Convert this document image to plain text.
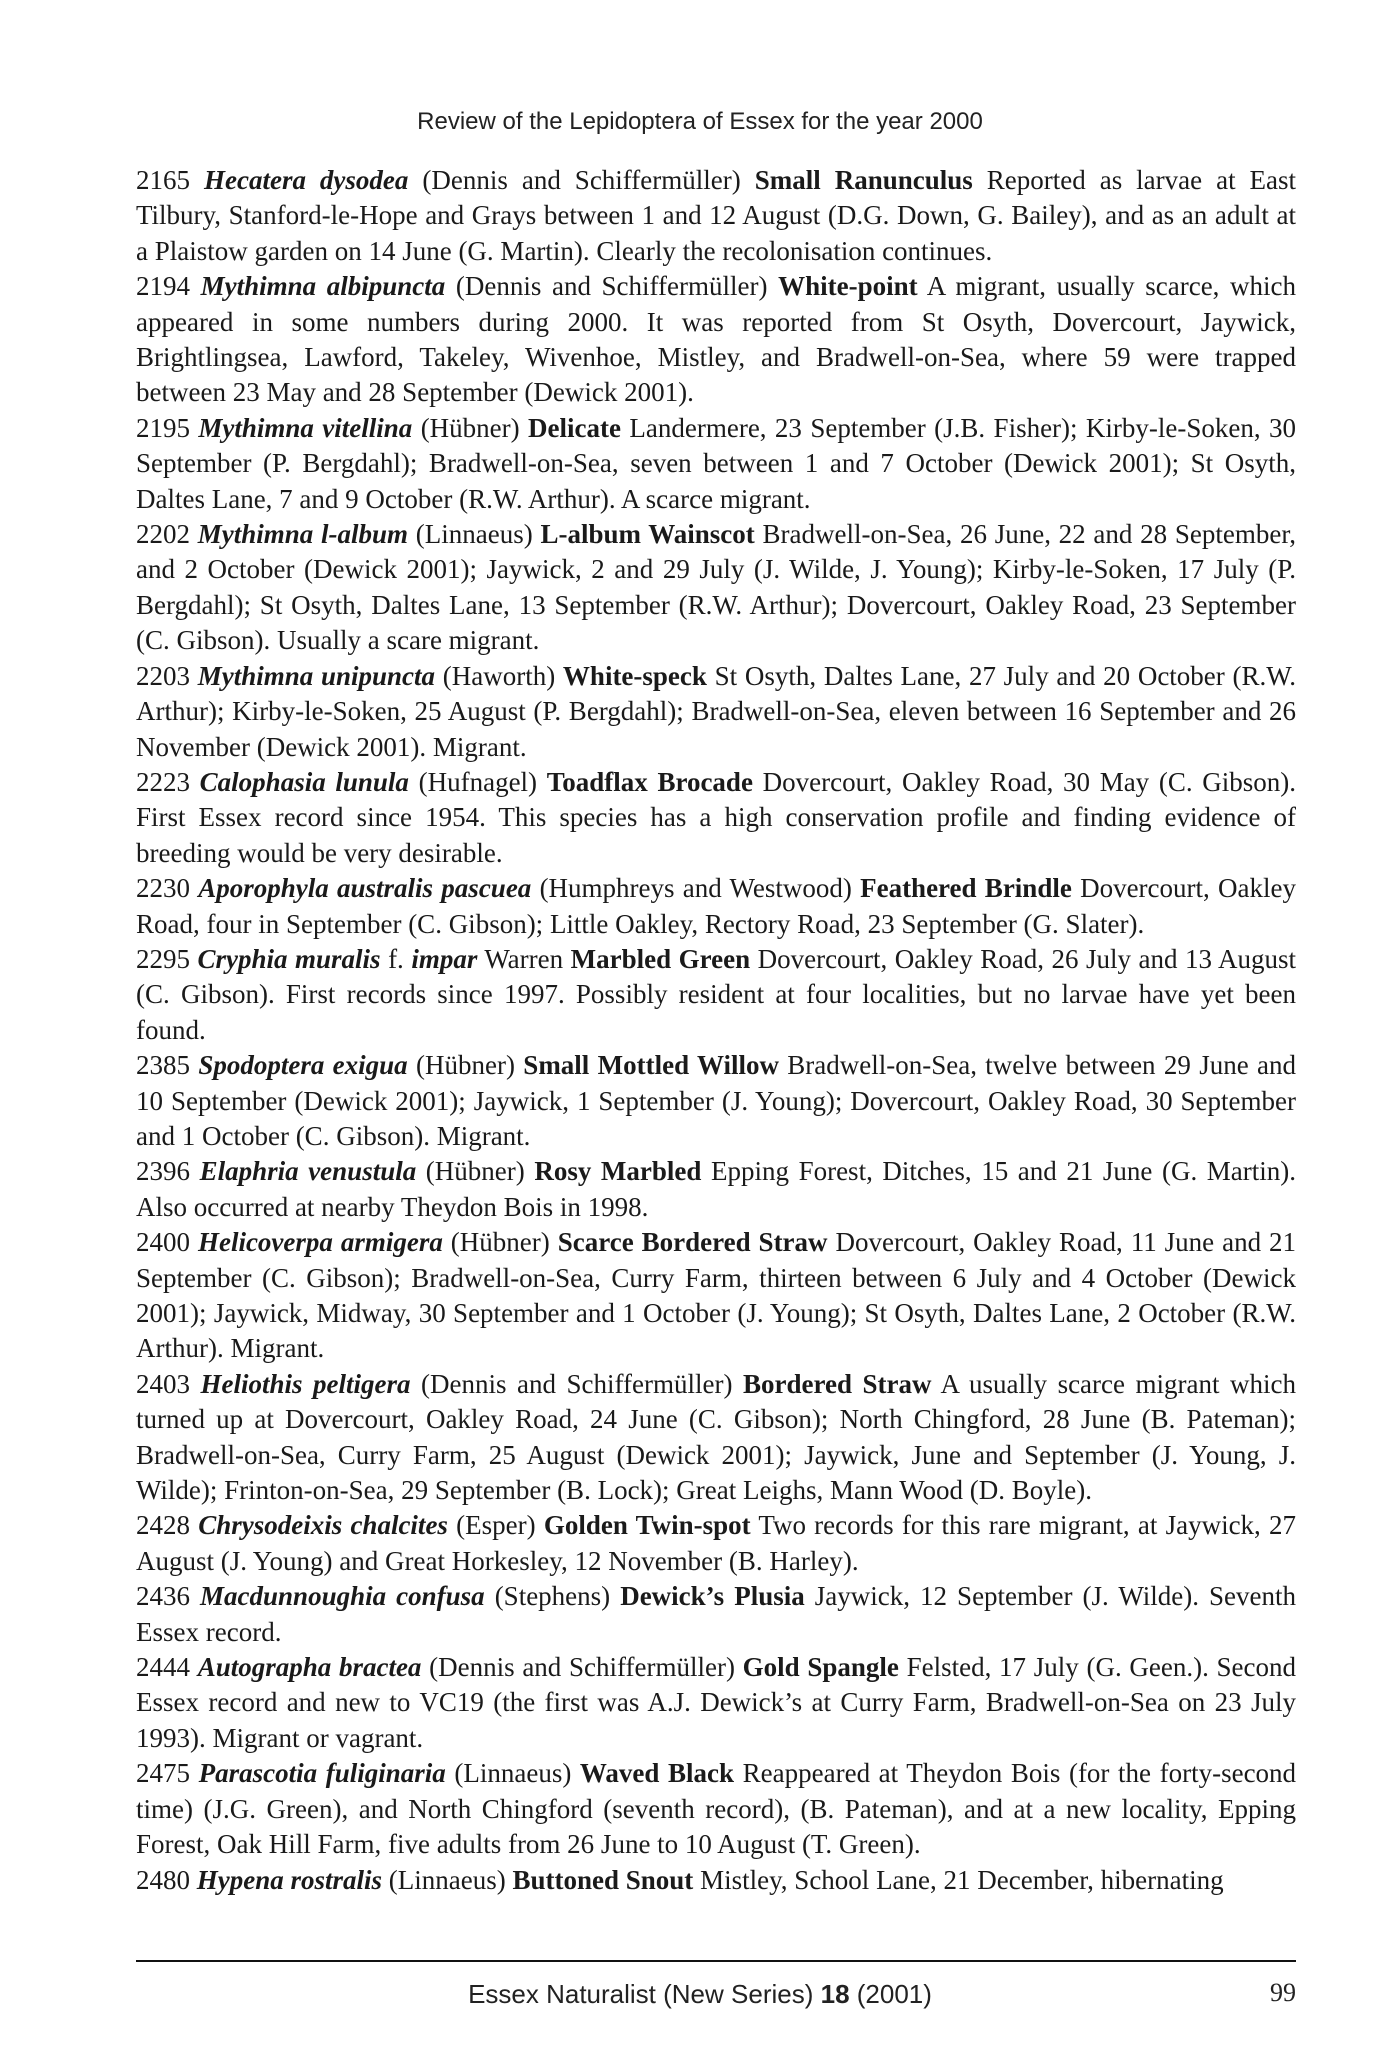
Review of the Lepidoptera of Essex for the year 2000

2165 Hecatera dysodea (Dennis and Schiffermüller) Small Ranunculus Reported as larvae at East Tilbury, Stanford-le-Hope and Grays between 1 and 12 August (D.G. Down, G. Bailey), and as an adult at a Plaistow garden on 14 June (G. Martin). Clearly the recolonisation continues.

2194 Mythimna albipuncta (Dennis and Schiffermüller) White-point A migrant, usually scarce, which appeared in some numbers during 2000. It was reported from St Osyth, Dovercourt, Jaywick, Brightlingsea, Lawford, Takeley, Wivenhoe, Mistley, and Bradwell-on-Sea, where 59 were trapped between 23 May and 28 September (Dewick 2001).

2195 Mythimna vitellina (Hübner) Delicate Landermere, 23 September (J.B. Fisher); Kirby-le-Soken, 30 September (P. Bergdahl); Bradwell-on-Sea, seven between 1 and 7 October (Dewick 2001); St Osyth, Daltes Lane, 7 and 9 October (R.W. Arthur). A scarce migrant.

2202 Mythimna l-album (Linnaeus) L-album Wainscot Bradwell-on-Sea, 26 June, 22 and 28 September, and 2 October (Dewick 2001); Jaywick, 2 and 29 July (J. Wilde, J. Young); Kirby-le-Soken, 17 July (P. Bergdahl); St Osyth, Daltes Lane, 13 September (R.W. Arthur); Dovercourt, Oakley Road, 23 September (C. Gibson). Usually a scare migrant.

2203 Mythimna unipuncta (Haworth) White-speck St Osyth, Daltes Lane, 27 July and 20 October (R.W. Arthur); Kirby-le-Soken, 25 August (P. Bergdahl); Bradwell-on-Sea, eleven between 16 September and 26 November (Dewick 2001). Migrant.

2223 Calophasia lunula (Hufnagel) Toadflax Brocade Dovercourt, Oakley Road, 30 May (C. Gibson). First Essex record since 1954. This species has a high conservation profile and finding evidence of breeding would be very desirable.

2230 Aporophyla australis pascuea (Humphreys and Westwood) Feathered Brindle Dovercourt, Oakley Road, four in September (C. Gibson); Little Oakley, Rectory Road, 23 September (G. Slater).

2295 Cryphia muralis f. impar Warren Marbled Green Dovercourt, Oakley Road, 26 July and 13 August (C. Gibson). First records since 1997. Possibly resident at four localities, but no larvae have yet been found.

2385 Spodoptera exigua (Hübner) Small Mottled Willow Bradwell-on-Sea, twelve between 29 June and 10 September (Dewick 2001); Jaywick, 1 September (J. Young); Dovercourt, Oakley Road, 30 September and 1 October (C. Gibson). Migrant.

2396 Elaphria venustula (Hübner) Rosy Marbled Epping Forest, Ditches, 15 and 21 June (G. Martin). Also occurred at nearby Theydon Bois in 1998.

2400 Helicoverpa armigera (Hübner) Scarce Bordered Straw Dovercourt, Oakley Road, 11 June and 21 September (C. Gibson); Bradwell-on-Sea, Curry Farm, thirteen between 6 July and 4 October (Dewick 2001); Jaywick, Midway, 30 September and 1 October (J. Young); St Osyth, Daltes Lane, 2 October (R.W. Arthur). Migrant.

2403 Heliothis peltigera (Dennis and Schiffermüller) Bordered Straw A usually scarce migrant which turned up at Dovercourt, Oakley Road, 24 June (C. Gibson); North Chingford, 28 June (B. Pateman); Bradwell-on-Sea, Curry Farm, 25 August (Dewick 2001); Jaywick, June and September (J. Young, J. Wilde); Frinton-on-Sea, 29 September (B. Lock); Great Leighs, Mann Wood (D. Boyle).

2428 Chrysodeixis chalcites (Esper) Golden Twin-spot Two records for this rare migrant, at Jaywick, 27 August (J. Young) and Great Horkesley, 12 November (B. Harley).

2436 Macdunnoughia confusa (Stephens) Dewick’s Plusia Jaywick, 12 September (J. Wilde). Seventh Essex record.

2444 Autographa bractea (Dennis and Schiffermüller) Gold Spangle Felsted, 17 July (G. Geen.). Second Essex record and new to VC19 (the first was A.J. Dewick’s at Curry Farm, Bradwell-on-Sea on 23 July 1993). Migrant or vagrant.

2475 Parascotia fuliginaria (Linnaeus) Waved Black Reappeared at Theydon Bois (for the forty-second time) (J.G. Green), and North Chingford (seventh record), (B. Pateman), and at a new locality, Epping Forest, Oak Hill Farm, five adults from 26 June to 10 August (T. Green).

2480 Hypena rostralis (Linnaeus) Buttoned Snout Mistley, School Lane, 21 December, hibernating

Essex Naturalist (New Series) 18 (2001)	99
